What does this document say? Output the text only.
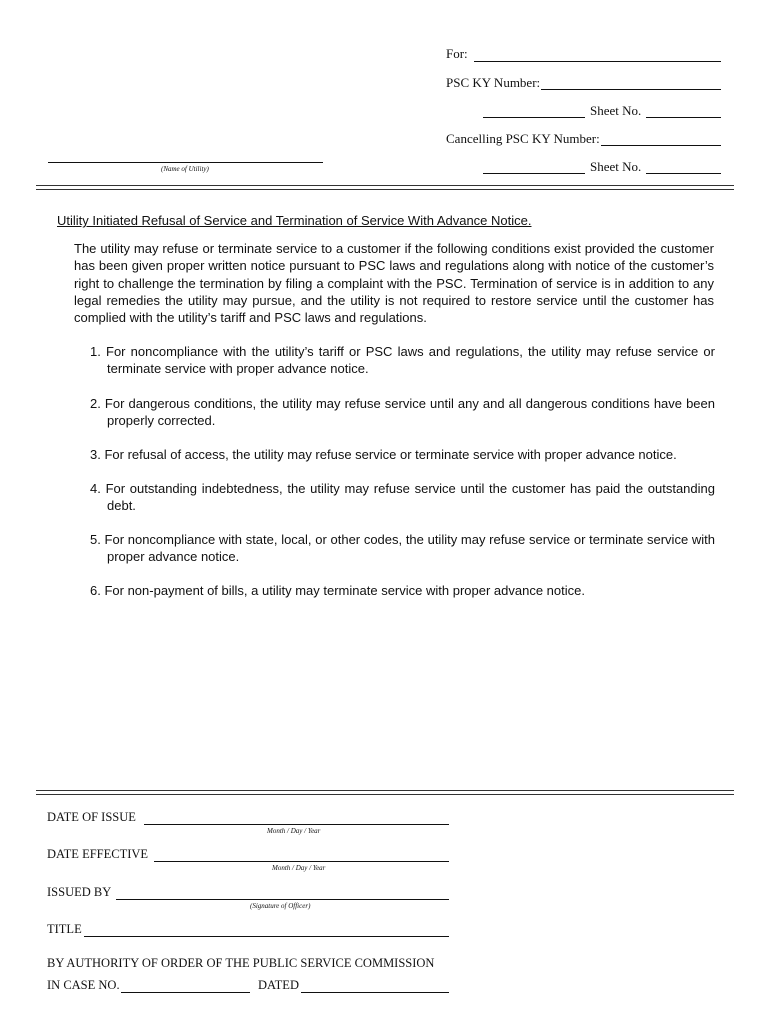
For:
PSC KY Number:
Sheet No.
Cancelling PSC KY Number:
(Name of Utility)	Sheet No.
Utility Initiated Refusal of Service and Termination of Service With Advance Notice.

The utility may refuse or terminate service to a customer if the following conditions exist provided the customer has been given proper written notice pursuant to PSC laws and regulations along with notice of the customer’s right to challenge the termination by filing a complaint with the PSC. Termination of service is in addition to any legal remedies the utility may pursue, and the utility is not required to restore service until the customer has complied with the utility’s tariff and PSC laws and regulations.

1. For noncompliance with the utility’s tariff or PSC laws and regulations, the utility may refuse service or terminate service with proper advance notice.
2. For dangerous conditions, the utility may refuse service until any and all dangerous conditions have been properly corrected.
3. For refusal of access, the utility may refuse service or terminate service with proper advance notice.
4. For outstanding indebtedness, the utility may refuse service until the customer has paid the outstanding debt.
5. For noncompliance with state, local, or other codes, the utility may refuse service or terminate service with proper advance notice.
6. For non-payment of bills, a utility may terminate service with proper advance notice.
DATE OF ISSUE
Month / Day / Year
DATE EFFECTIVE
Month / Day / Year
ISSUED BY
(Signature of Officer)
TITLE
BY AUTHORITY OF ORDER OF THE PUBLIC SERVICE COMMISSION
IN CASE NO.	DATED
